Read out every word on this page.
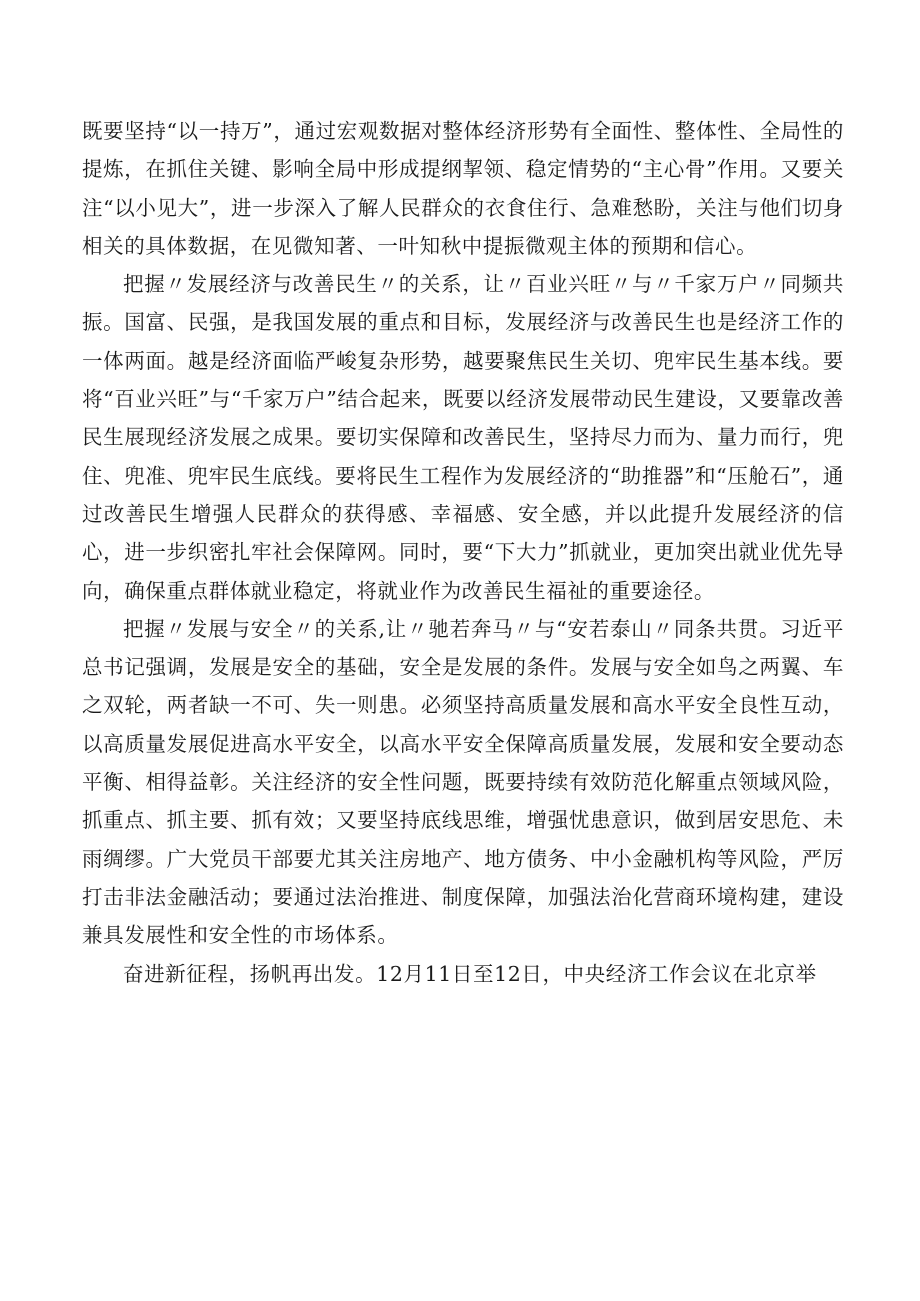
既要坚持“以一持万”，通过宏观数据对整体经济形势有全面性、整体性、全局性的提炼，在抓住关键、影响全局中形成提纲挈领、稳定情势的“主心骨”作用。又要关注“以小见大”，进一步深入了解人民群众的衣食住行、急难愁盼，关注与他们切身相关的具体数据，在见微知著、一叶知秋中提振微观主体的预期和信心。

把握〃发展经济与改善民生〃的关系，让〃百业兴旺〃与〃千家万户〃同频共振。国富、民强，是我国发展的重点和目标，发展经济与改善民生也是经济工作的一体两面。越是经济面临严峻复杂形势，越要聚焦民生关切、兜牢民生基本线。要将“百业兴旺”与“千家万户”结合起来，既要以经济发展带动民生建设，又要靠改善民生展现经济发展之成果。要切实保障和改善民生，坚持尽力而为、量力而行，兜住、兜准、兜牢民生底线。要将民生工程作为发展经济的“助推器”和“压舱石”，通过改善民生增强人民群众的获得感、幸福感、安全感，并以此提升发展经济的信心，进一步织密扎牢社会保障网。同时，要“下大力”抓就业，更加突出就业优先导向，确保重点群体就业稳定，将就业作为改善民生福祉的重要途径。

把握〃发展与安全〃的关系,让〃驰若奔马〃与“安若泰山〃同条共贯。习近平总书记强调，发展是安全的基础，安全是发展的条件。发展与安全如鸟之两翼、车之双轮，两者缺一不可、失一则患。必须坚持高质量发展和高水平安全良性互动，以高质量发展促进高水平安全，以高水平安全保障高质量发展，发展和安全要动态平衡、相得益彰。关注经济的安全性问题，既要持续有效防范化解重点领域风险，抓重点、抓主要、抓有效；又要坚持底线思维，增强忧患意识，做到居安思危、未雨绸缪。广大党员干部要尤其关注房地产、地方债务、中小金融机构等风险，严厉打击非法金融活动；要通过法治推进、制度保障，加强法治化营商环境构建，建设兼具发展性和安全性的市场体系。

奋进新征程，扬帆再出发。12月11日至12日，中央经济工作会议在北京举
